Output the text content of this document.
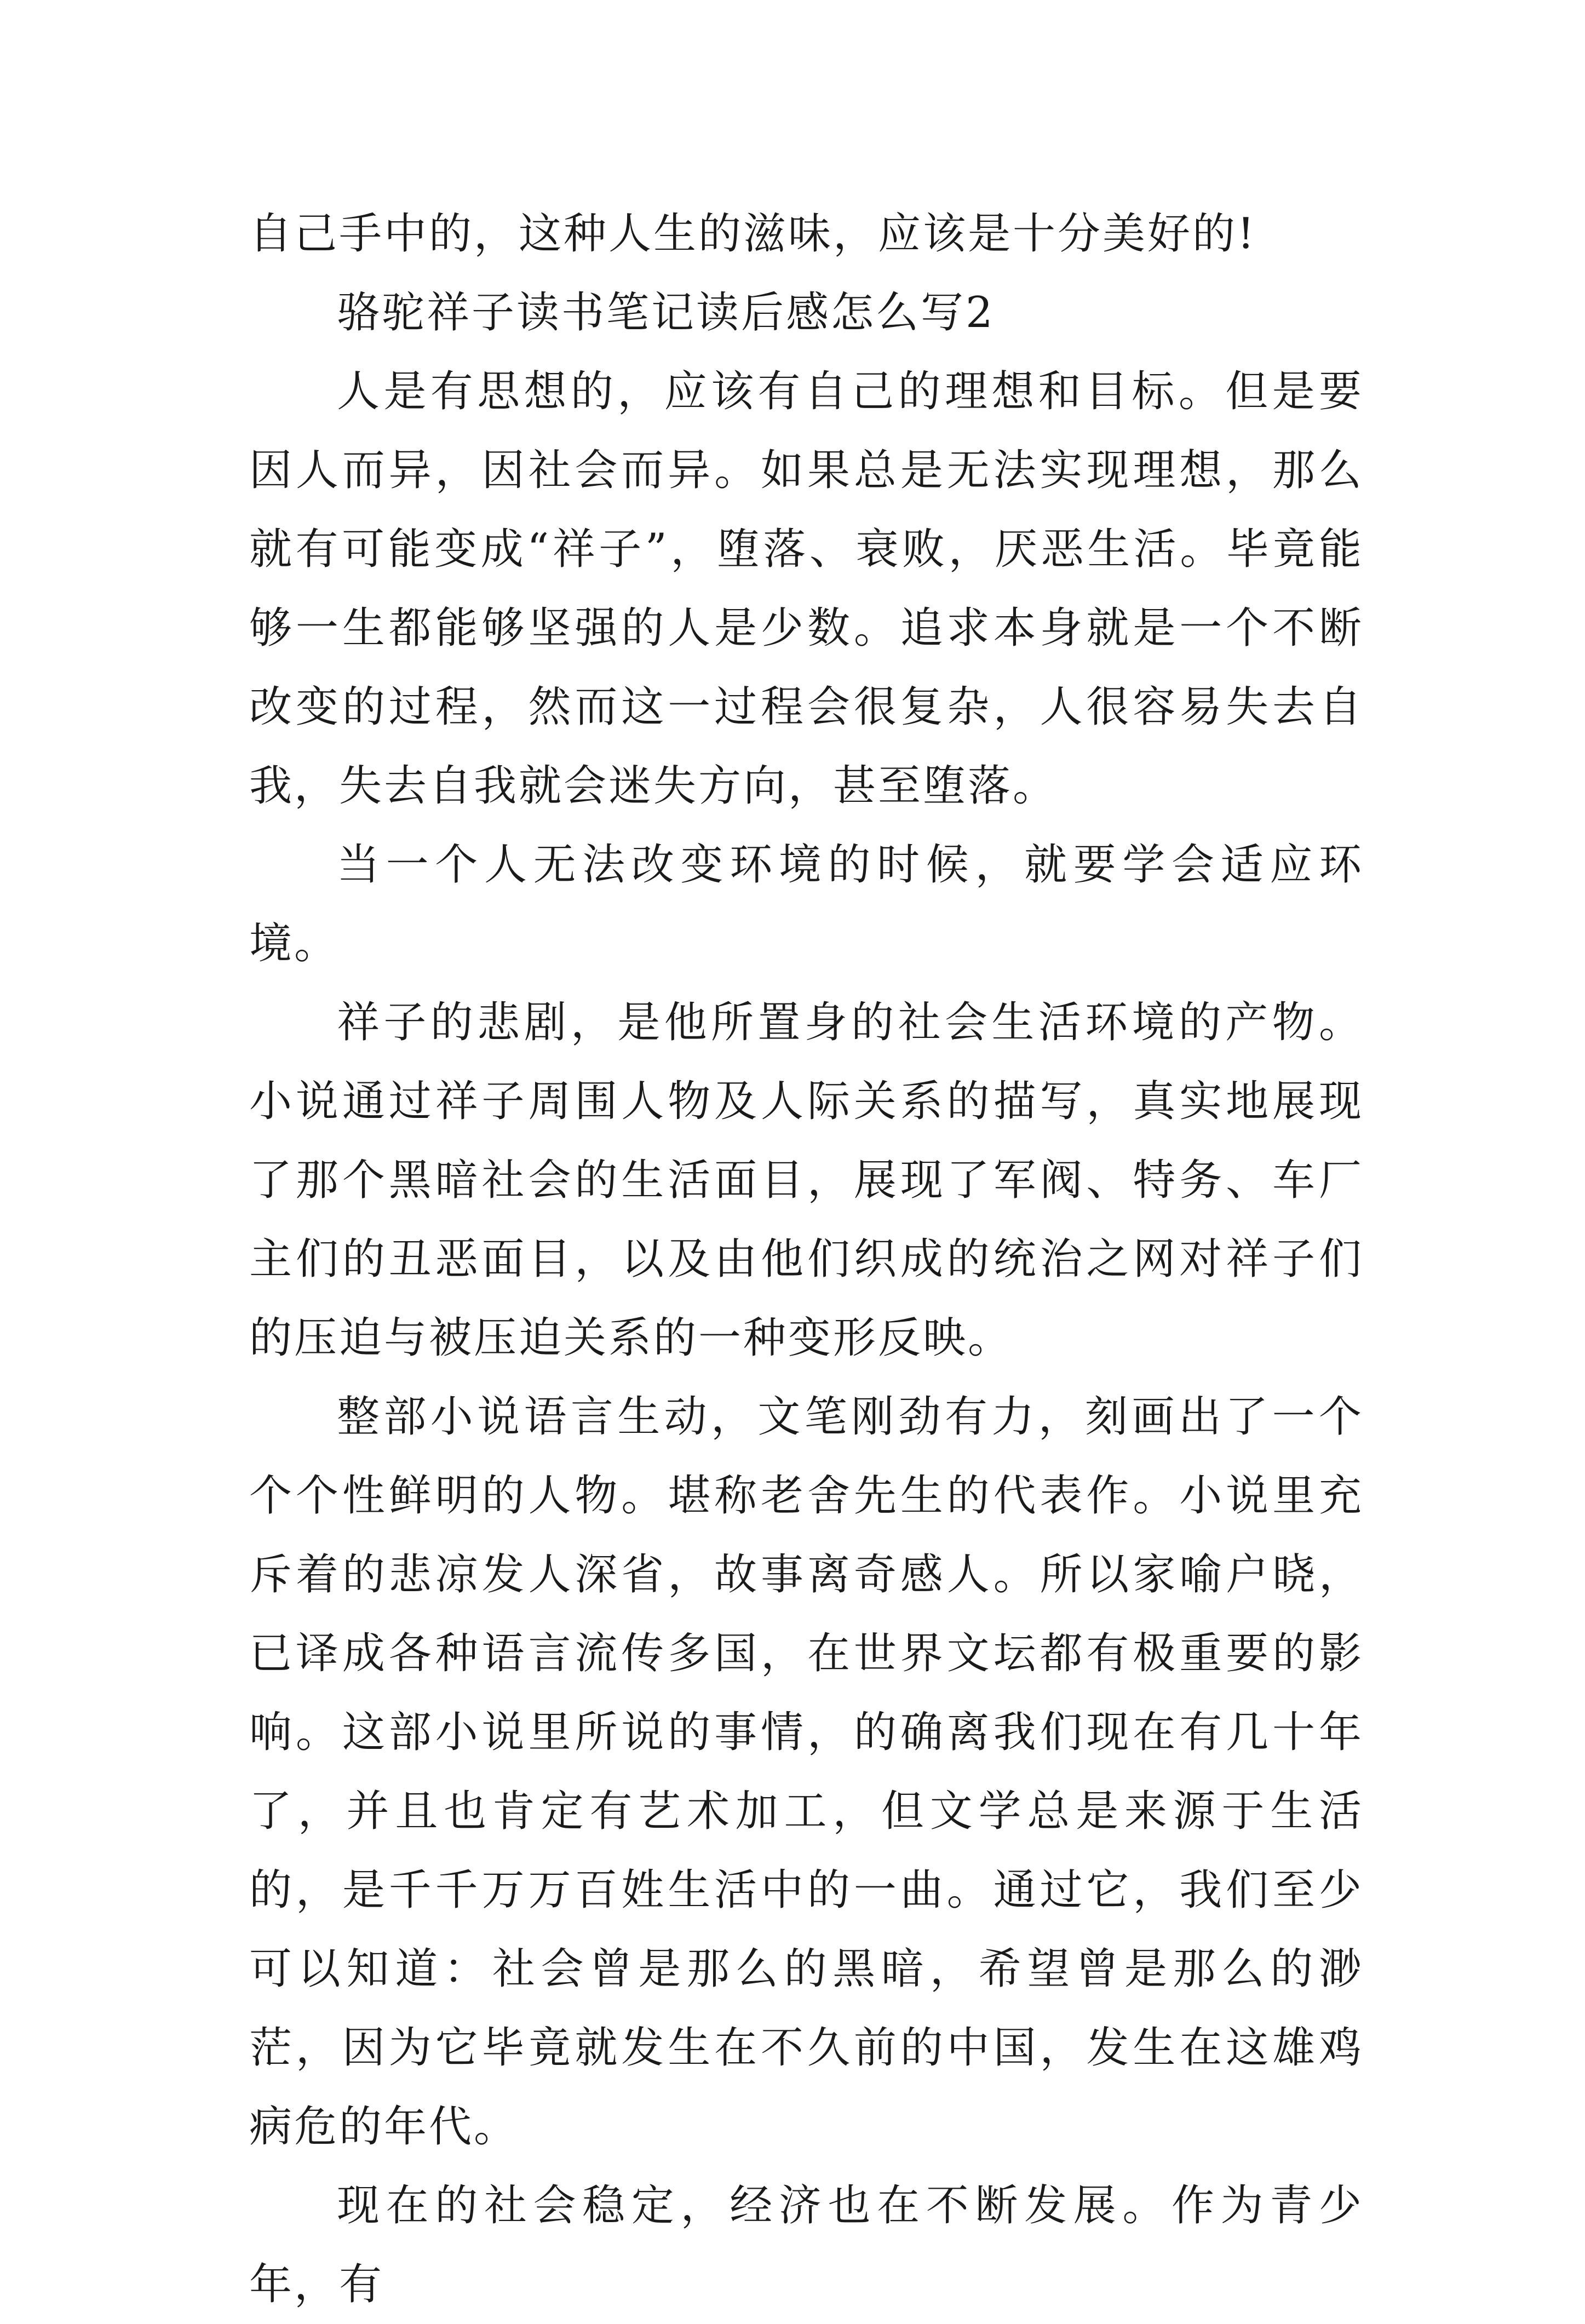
自己手中的，这种人生的滋味，应该是十分美好的!

骆驼祥子读书笔记读后感怎么写2

人是有思想的，应该有自己的理想和目标。但是要因人而异，因社会而异。如果总是无法实现理想，那么就有可能变成“祥子”，堕落、衰败，厌恶生活。毕竟能够一生都能够坚强的人是少数。追求本身就是一个不断改变的过程，然而这一过程会很复杂，人很容易失去自我，失去自我就会迷失方向，甚至堕落。

当一个人无法改变环境的时候，就要学会适应环境。

祥子的悲剧，是他所置身的社会生活环境的产物。小说通过祥子周围人物及人际关系的描写，真实地展现了那个黑暗社会的生活面目，展现了军阀、特务、车厂主们的丑恶面目，以及由他们织成的统治之网对祥子们的压迫与被压迫关系的一种变形反映。

整部小说语言生动，文笔刚劲有力，刻画出了一个个个性鲜明的人物。堪称老舍先生的代表作。小说里充斥着的悲凉发人深省，故事离奇感人。所以家喻户晓，已译成各种语言流传多国，在世界文坛都有极重要的影响。这部小说里所说的事情，的确离我们现在有几十年了，并且也肯定有艺术加工，但文学总是来源于生活的，是千千万万百姓生活中的一曲。通过它，我们至少可以知道：社会曾是那么的黑暗，希望曾是那么的渺茫，因为它毕竟就发生在不久前的中国，发生在这雄鸡病危的年代。

现在的社会稳定，经济也在不断发展。作为青少年，有
